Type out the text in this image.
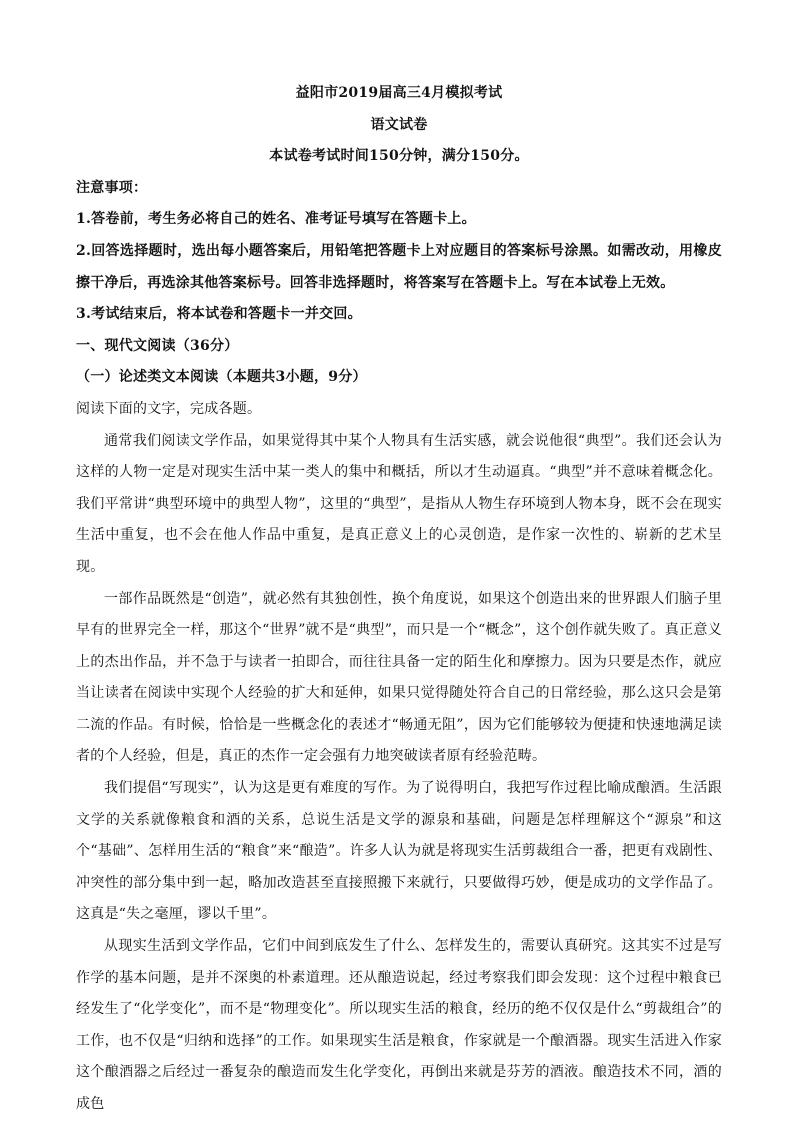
益阳市2019届高三4月模拟考试

语文试卷

本试卷考试时间150分钟，满分150分。

注意事项：

1.答卷前，考生务必将自己的姓名、准考证号填写在答题卡上。

2.回答选择题时，选出每小题答案后，用铅笔把答题卡上对应题目的答案标号涂黑。如需改动，用橡皮擦干净后，再选涂其他答案标号。回答非选择题时，将答案写在答题卡上。写在本试卷上无效。

3.考试结束后，将本试卷和答题卡一并交回。

一、现代文阅读（36分）

（一）论述类文本阅读（本题共3小题，9分）

阅读下面的文字，完成各题。

通常我们阅读文学作品，如果觉得其中某个人物具有生活实感，就会说他很“典型”。我们还会认为这样的人物一定是对现实生活中某一类人的集中和概括，所以才生动逼真。“典型”并不意味着概念化。我们平常讲“典型环境中的典型人物”，这里的“典型”，是指从人物生存环境到人物本身，既不会在现实生活中重复，也不会在他人作品中重复，是真正意义上的心灵创造，是作家一次性的、崭新的艺术呈现。

一部作品既然是“创造”，就必然有其独创性，换个角度说，如果这个创造出来的世界跟人们脑子里早有的世界完全一样，那这个“世界”就不是“典型”，而只是一个“概念”，这个创作就失败了。真正意义上的杰出作品，并不急于与读者一拍即合，而往往具备一定的陌生化和摩擦力。因为只要是杰作，就应当让读者在阅读中实现个人经验的扩大和延伸，如果只觉得随处符合自己的日常经验，那么这只会是第二流的作品。有时候，恰恰是一些概念化的表述才“畅通无阻”，因为它们能够较为便捷和快速地满足读者的个人经验，但是，真正的杰作一定会强有力地突破读者原有经验范畴。

我们提倡“写现实”，认为这是更有难度的写作。为了说得明白，我把写作过程比喻成酿酒。生活跟文学的关系就像粮食和酒的关系，总说生活是文学的源泉和基础，问题是怎样理解这个“源泉”和这个“基础”、怎样用生活的“粮食”来“酿造”。许多人认为就是将现实生活剪裁组合一番，把更有戏剧性、冲突性的部分集中到一起，略加改造甚至直接照搬下来就行，只要做得巧妙，便是成功的文学作品了。这真是“失之毫厘，谬以千里”。

从现实生活到文学作品，它们中间到底发生了什么、怎样发生的，需要认真研究。这其实不过是写作学的基本问题，是并不深奥的朴素道理。还从酿造说起，经过考察我们即会发现：这个过程中粮食已经发生了“化学变化”，而不是“物理变化”。所以现实生活的粮食，经历的绝不仅仅是什么“剪裁组合”的工作，也不仅是“归纳和选择”的工作。如果现实生活是粮食，作家就是一个酿酒器。现实生活进入作家这个酿酒器之后经过一番复杂的酿造而发生化学变化，再倒出来就是芬芳的酒液。酿造技术不同，酒的成色
